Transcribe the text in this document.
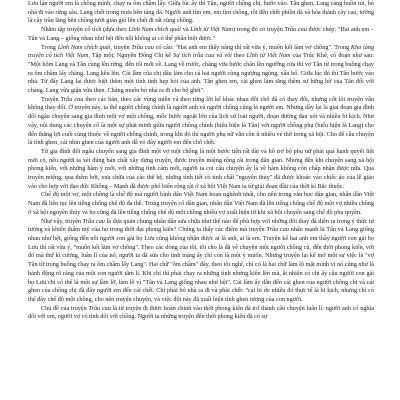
Lưu lán người em là chồng mình, chạy ra ôm chầm lấy. Giữa lúc ấy thì Tân, người chồng chị, bước vào. Tân ghen, Lang càng buồn tủi, bỏ nhà đi vào rừng sâu. Lang chết trong mưa bên tảng đá. Người anh tìm em, em tìm chồng, rồi đến chết phiền đá và hóa thành cây cau, tường là cây trầu lăng bên chồng tươi gián gió lên chết đi rất cùng chồng.

Nhằm tập truyện cổ tích (dựa theo Lĩnh Nam chích quái và Lĩnh từ Việt Nam) trong đó có truyện Trầu cau được chép: "Hai anh em – Tân và Lang – giống nhau như hệt đến nỗi không ai có thể phân biệt được."

Trong Lĩnh Nam chích quái, truyện Trầu cau có câu: "Hai anh em thấy nàng thì rất vừa ý, muốn kết làm vợ chồng". Trong Kho tàng truyện cổ tích Việt Nam, Tập một, Nguyễn Đổng Chi kể Sự tích trầu cau và vôi theo Lĩnh từ Việt Nam của Trúc Khê, có đoạn như sau: "Một hôm Lang và Tân cùng lên rừng, đến tối mới về. Lang về trước, chàng vừa bước chân lên ngưỡng cửa thì vợ Tân từ trong buồng chạy ra ôm chầm lấy chàng. Lang kêu lên. Cái lầm của chị dâu làm cho cả hai người cùng ngượng ngùng, xấu hổ. Giữa lúc đó thì Tân bước vào nhà. Từ đấy Lang lại được biệt thêm một tình tình hẹp hòi của anh. Tân ghen em, cái ghen làm tăng thêm sự hững hờ của Tân đối với chàng. Lang vừa giận vừa thẹn. Chàng muốn bỏ nhà ra đi cho bõ ghét".

Truyện Trầu cau theo các bản, theo các vùng miền và theo từng lời kể khác nhau đôi chỗ đã có thay đổi, nhưng cốt lõi truyện vẫn không thay đổi. Ở truyện này, ta thể người chồng chính là người anh và người chồng cũng là người em. Nhưng dây lại là giai đoạn gia đình đổi ngẫu chuyển sang gia đình một vợ một chồng, mốc bước ngoặt lớn của lịch sử loài người, đoạn đường đau xót và nhiều bi kịch. Như vậy, nội dung các chuyện cổ là một sự phát minh giữa người chồng chính (biểu hiện là Tân) với người chồng phụ (biểu hiện là Lang) cho đến thắng lợi cuối cùng thuộc về người chồng chính, trong khi đó thì người phụ nữ vẫn còn ít nhiều vẻ thờ trong xã hội. Cho để cầu chuyện là tình ghen, cái nhìn ghen của người anh đã vỏ đây người em đến chỗ chết.

Từ gia đình đối ngẫu chuyển sang gia đình một vợ một chồng là một bước tiến rất dài và hỗ trợ bộ phụ nữ phải quá hạnh quyết liệt mới có, nếu người ta xét đúng bản chất xây dựng truyện, được truyền miệng rộng rãi trong dân gian. Nhưng đến khi chuyện sang xã hội phong kiến, với những hàm ý mới, với những tình cảm mới, người ta coi câu chuyện ấy là về hàm không còn chấp nhận được nữa. Qua truyền miệng, qua thêm bớt, xưa chữa của các thế hệ, những tình tiết có tính chất "nguyên thủy" đã được khoác vào chiếc áo của lễ giáo vào cho hợp với đạo đức Khổng – Mạnh đã được phổ biến rộng rãi ở xã hội Việt Nam ta từ giai đoạn đầu của thời kì Bắc thuộc.

Chế độ một vợ, một chồng là chế độ mà người bình dân Việt Nam hoan nghênh nhất, cho nên trong văn học dân gian, nhân dân Việt Nam đã liên tục lên tiếng chống chế độ đa thê. Trong truyện cổ dân gian, nhân dân Việt Nam đã lên tiếng chống chế độ một vợ nhiều chồng ở xã hội nguyên thủy và họ cũng đã lên tiếng chống chế độ một chồng nhiều vợ xuất hiện từ khi xã hội chuyển sang chế độ phụ quyền.

Như vậy, truyện Trầu cau là dựa quản chung nhân dân sửa chữa như thế nào để phù hợp với những đổi thay đã diễn ra trong ý thức tư tưởng và khiến thẩm mỹ của họ trong thời đại phong kiến? Chúng ta thấy các điểm mà truyện Trầu cau nhấn mạnh là Tân và Lang giống nhau như hệt, giống đến nỗi người con gái họ Lưu cũng không nhận được ai là anh, ai là em. Truyện kể hai anh em thầy người con gái họ Lưu thì rất vừa ý, "muốn kết làm vợ chồng". Theo các dòng của tôi, tôi cho là đã về chuyện một người chồng cũ, đến thời phong kiến, với đó mà thứ kì cương, luân lí của nó, người ta đã sửa cho tình trạng ấy chỉ còn là một ý muốn. Nhưng truyện lại kể mở một sự việc là "vợ Tân từ trong buồng chạy ra ôm chầm lấy Lang". Hai chữ "ôm chầm" đây, theo tôi nghĩ, chỉ có là hai chữ làm lộ mặt mình vì nó cũng như là hành động rõ ràng của một con người tâm lí. Khi chỉ thì phải chạy ra những tình nhưng kiến lên mà, ắt nhiên có chỉ ấy câu người con gái họ Lưu chỉ có thể là một sự lầm lỡ, làm lỗ vì "Tân và Lang giống nhau như hệt". Cái làm ấy dẫn đến cái ghen của người chồng chị và cái ghen của chồng chị đã đây người em đến cái chết. Chỉ phải bó nhà ra đi và phải chết: "cái bi ức nhiều đó thực tế là bi kịch, nhưng chỉ có thể đây chế độ một chồng, cho nên truyện chuyện, và việc đội này đã xuất hiện tình ghen tương của con người.

Chủ đề của truyện Trầu cau là từ truyện đi được hoàn chỉnh vào thời phong kiến đã trở thành câu chuyện luân lí: người anh có nghĩa đối với em, người vợ có tình đối với chồng. Người ta những truyện đến thời phong kiến đã có sự
